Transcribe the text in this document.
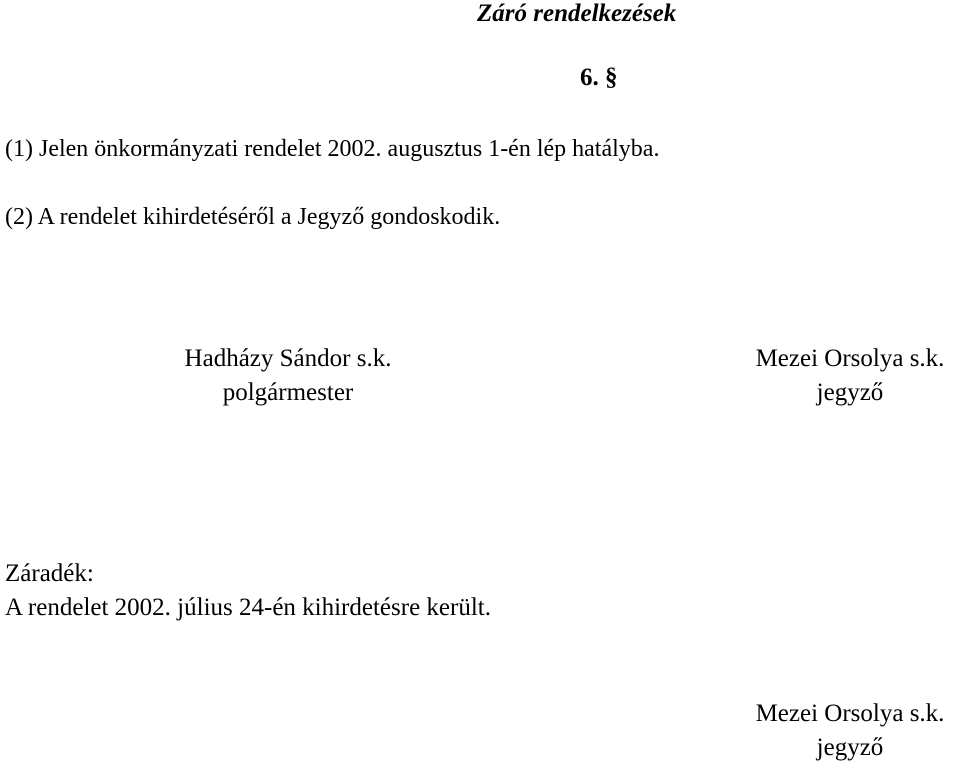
Záró rendelkezések
6. §
(1) Jelen önkormányzati rendelet 2002. augusztus 1-én lép hatályba.
(2) A rendelet kihirdetéséről a Jegyző gondoskodik.
Hadházy Sándor s.k.
polgármester
Mezei Orsolya s.k.
jegyző
Záradék:
A rendelet 2002. július 24-én kihirdetésre került.
Mezei Orsolya s.k.
jegyző
